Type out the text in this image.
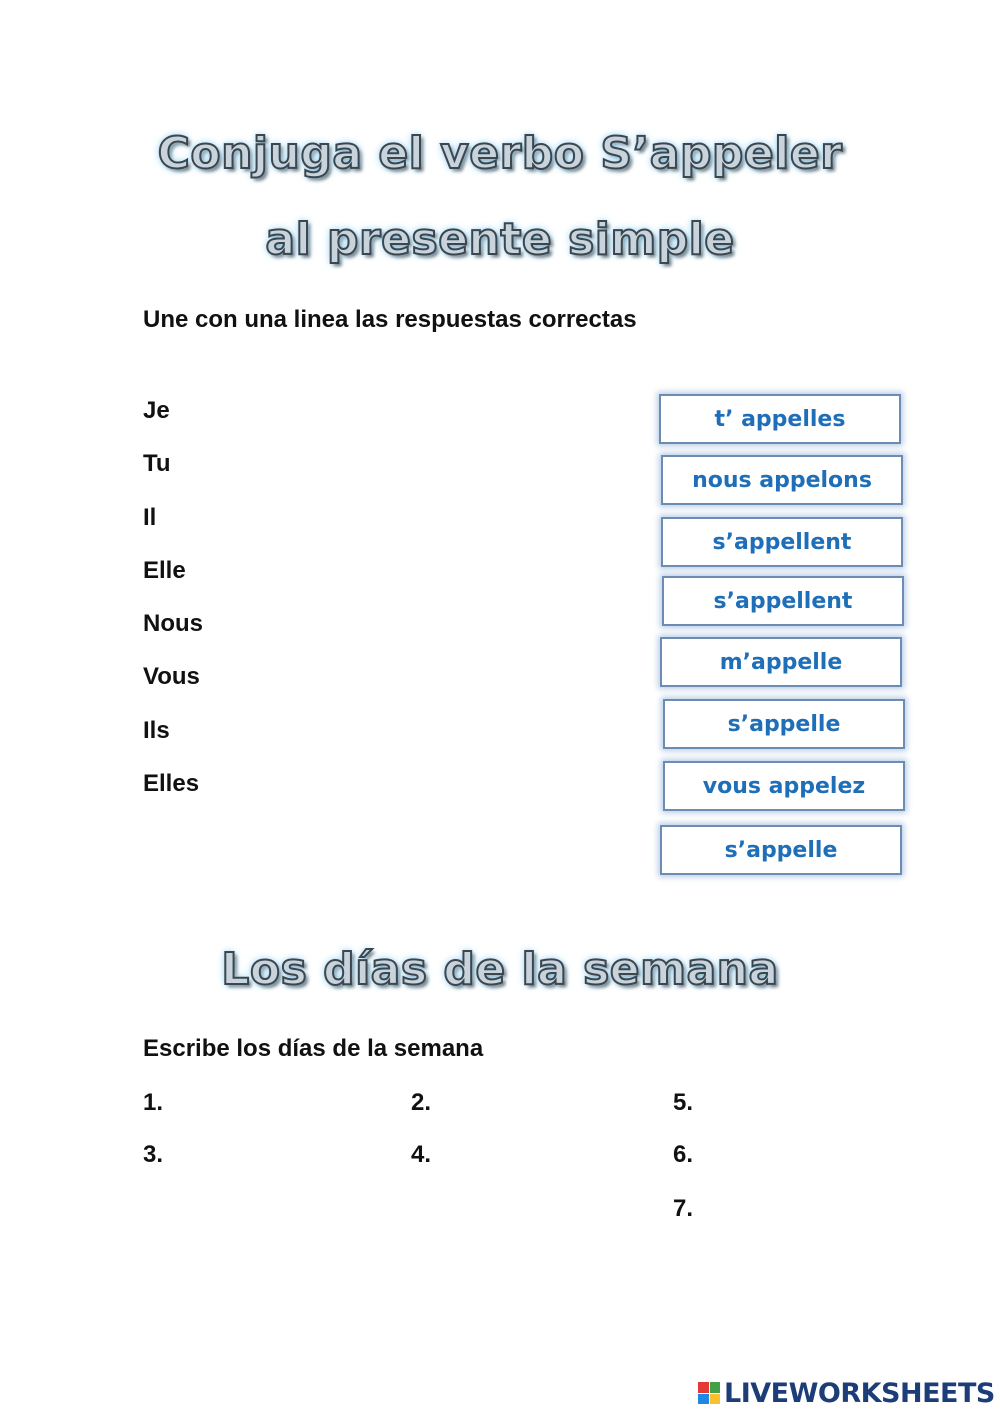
Conjuga el verbo S’appeler
al presente simple

Une con una linea las respuestas correctas

Je
Tu
Il
Elle
Nous
Vous
Ils
Elles
t’ appelles
nous appelons
s’appellent
s’appellent
m’appelle
s’appelle
vous appelez
s’appelle
Los días de la semana

Escribe los días de la semana

1.	2.	5.
3.	4.	6.
7.
LIVEWORKSHEETS
